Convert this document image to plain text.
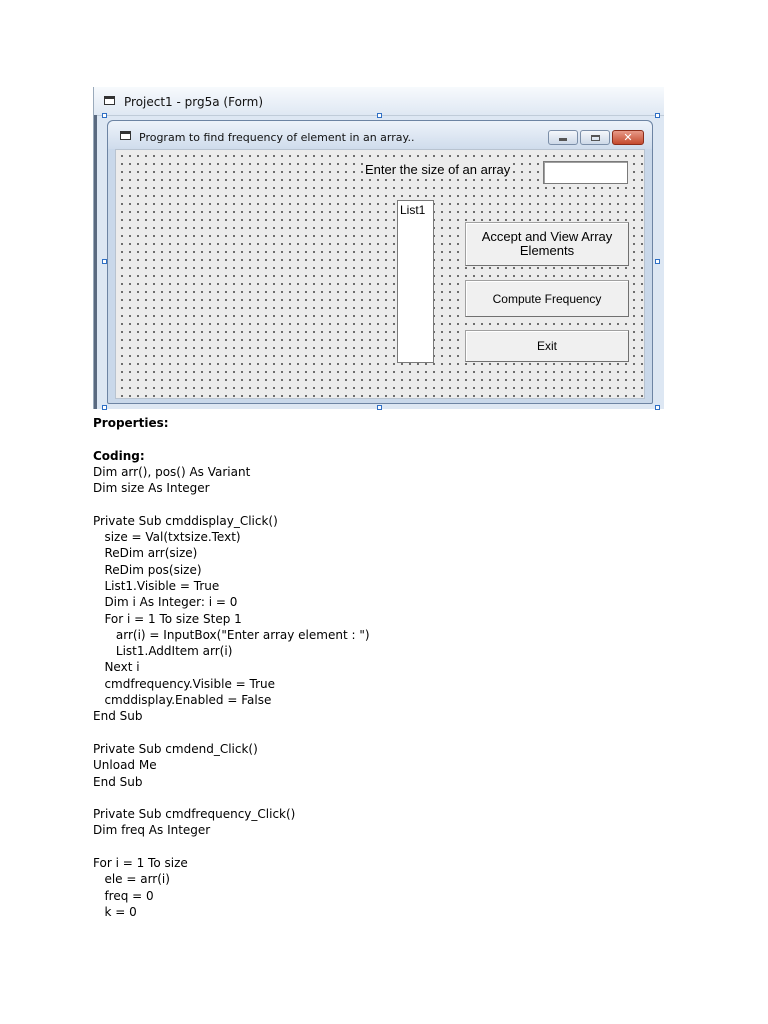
Project1 - prg5a (Form)
Program to find frequency of element in an array..	✕
Enter the size of an array
List1
Accept and View Array
Elements
Compute Frequency
Exit
Properties:
Coding:
Dim arr(), pos() As Variant
Dim size As Integer
Private Sub cmddisplay_Click()
size = Val(txtsize.Text)
ReDim arr(size)
ReDim pos(size)
List1.Visible = True
Dim i As Integer: i = 0
For i = 1 To size Step 1
arr(i) = InputBox("Enter array element : ")
List1.AddItem arr(i)
Next i
cmdfrequency.Visible = True
cmddisplay.Enabled = False
End Sub
Private Sub cmdend_Click()
Unload Me
End Sub
Private Sub cmdfrequency_Click()
Dim freq As Integer
For i = 1 To size
ele = arr(i)
freq = 0
k = 0
